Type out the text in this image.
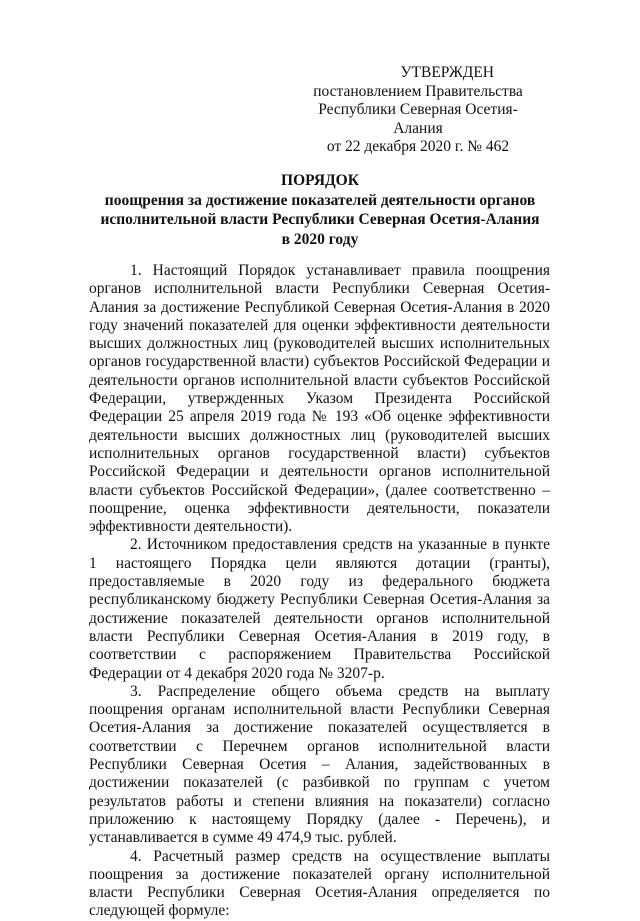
УТВЕРЖДЕН
постановлением Правительства
Республики Северная Осетия-Алания
от 22 декабря 2020 г. № 462
ПОРЯДОК
поощрения за достижение показателей деятельности органов
исполнительной власти Республики Северная Осетия-Алания
в 2020 году

1. Настоящий Порядок устанавливает правила поощрения органов исполнительной власти Республики Северная Осетия-Алания за достижение Республикой Северная Осетия-Алания в 2020 году значений показателей для оценки эффективности деятельности высших должностных лиц (руководителей высших исполнительных органов государственной власти) субъектов Российской Федерации и деятельности органов исполнительной власти субъектов Российской Федерации, утвержденных Указом Президента Российской Федерации 25 апреля 2019 года № 193 «Об оценке эффективности деятельности высших должностных лиц (руководителей высших исполнительных органов государственной власти) субъектов Российской Федерации и деятельности органов исполнительной власти субъектов Российской Федерации», (далее соответственно – поощрение, оценка эффективности деятельности, показатели эффективности деятельности).

2. Источником предоставления средств на указанные в пункте 1 настоящего Порядка цели являются дотации (гранты), предоставляемые в 2020 году из федерального бюджета республиканскому бюджету Республики Северная Осетия-Алания за достижение показателей деятельности органов исполнительной власти Республики Северная Осетия-Алания в 2019 году, в соответствии с распоряжением Правительства Российской Федерации от 4 декабря 2020 года № 3207-р.

3. Распределение общего объема средств на выплату поощрения органам исполнительной власти Республики Северная Осетия-Алания за достижение показателей осуществляется в соответствии с Перечнем органов исполнительной власти Республики Северная Осетия – Алания, задействованных в достижении показателей (с разбивкой по группам с учетом результатов работы и степени влияния на показатели) согласно приложению к настоящему Порядку (далее - Перечень), и устанавливается в сумме 49 474,9 тыс. рублей.

4. Расчетный размер средств на осуществление выплаты поощрения за достижение показателей органу исполнительной власти Республики Северная Осетия-Алания определяется по следующей формуле:
